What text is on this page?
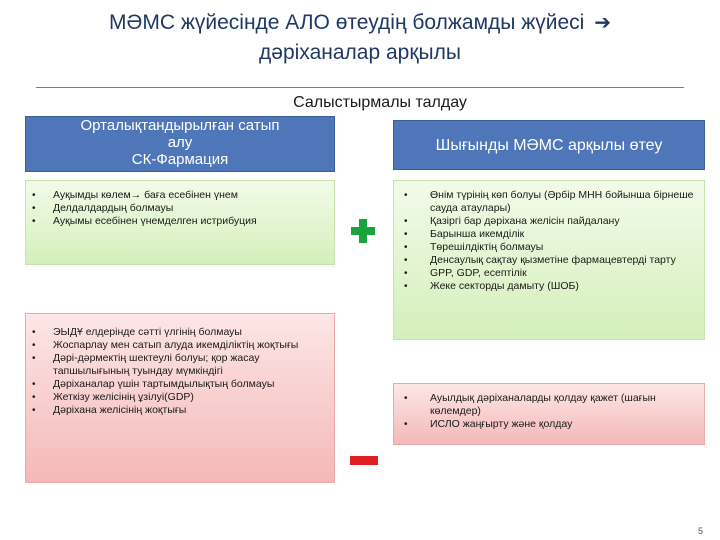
МӘМС жүйесінде АЛО өтеудің болжамды жүйесі ➔
дәріханалар арқылы
Салыстырмалы талдау
Орталықтандырылған сатып
алу
СК-Фармация
Шығынды МӘМС арқылы өтеу
• Ауқымды көлем→ баға есебінен үнем
• Делдалдардың болмауы
• Ауқымы есебінен үнемделген истрибуция
• ЭЫДҰ елдерінде сәтті үлгінің болмауы
• Жоспарлау мен сатып алуда икемділіктің жоқтығы
• Дәрі-дәрмектің шектеулі болуы; қор жасау тапшылығының туындау мүмкіндігі
• Дәріханалар үшін тартымдылықтың болмауы
• Жеткізу желісінің ұзілуі(GDP)
• Дәріхана желісінің жоқтығы
• Өнім түрінің көп болуы (Әрбір МНН бойынша бірнеше сауда атаулары)
• Қазіргі бар дәріхана желісін пайдалану
• Барынша икемділік
• Төрешілдіктің болмауы
• Денсаулық сақтау қызметіне фармацевтерді тарту
• GPP, GDP, есептілік
• Жеке секторды дамыту (ШОБ)
• Ауылдық дәріханаларды қолдау қажет (шағын көлемдер)
• ИСЛО жаңғырту және қолдау
5
